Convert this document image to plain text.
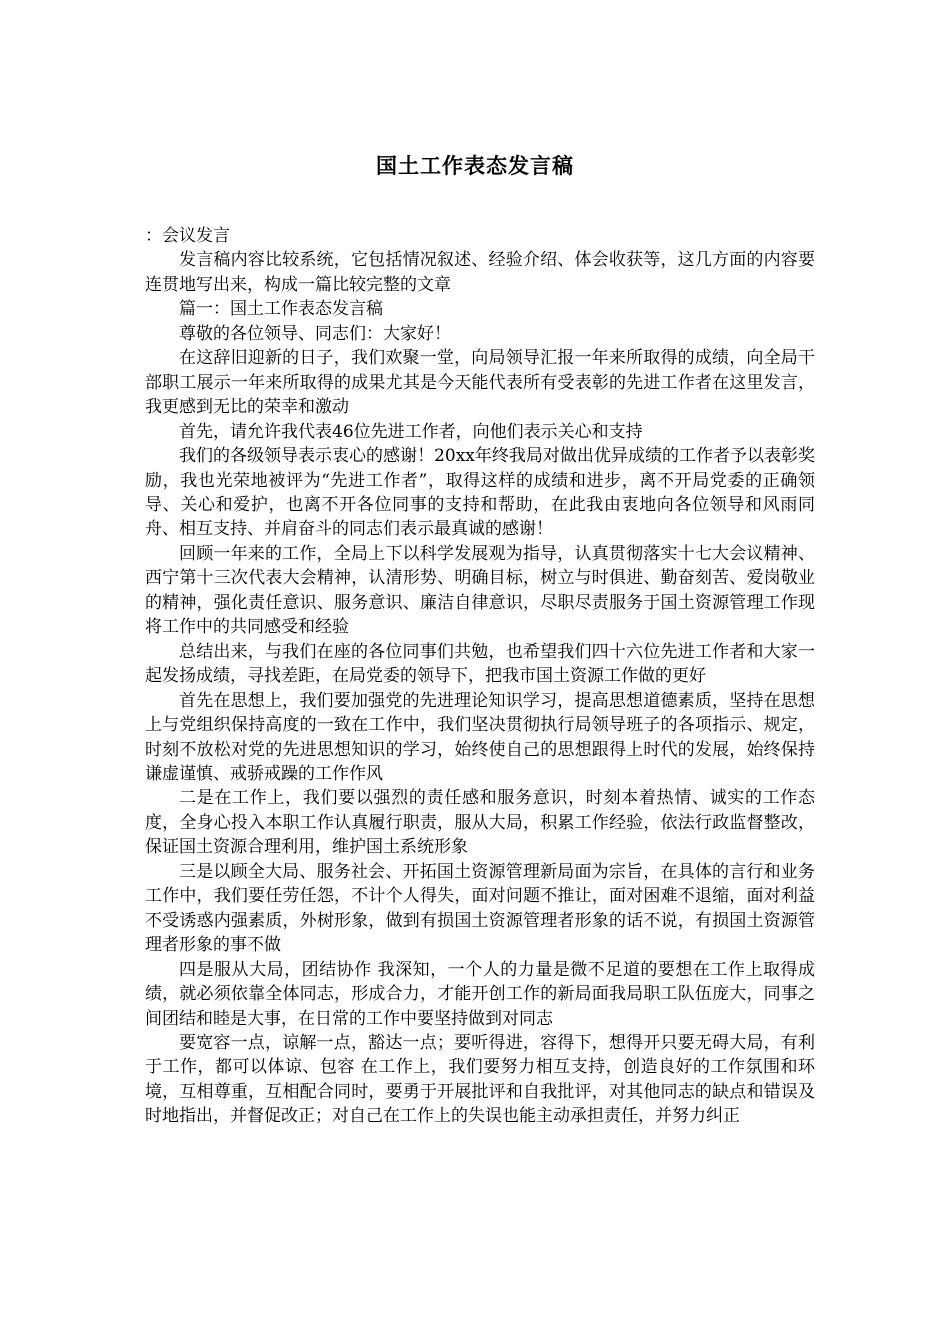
国土工作表态发言稿

：会议发言

发言稿内容比较系统，它包括情况叙述、经验介绍、体会收获等，这几方面的内容要连贯地写出来，构成一篇比较完整的文章

篇一：国土工作表态发言稿

尊敬的各位领导、同志们：大家好！

在这辞旧迎新的日子，我们欢聚一堂，向局领导汇报一年来所取得的成绩，向全局干部职工展示一年来所取得的成果尤其是今天能代表所有受表彰的先进工作者在这里发言，我更感到无比的荣幸和激动

首先，请允许我代表46位先进工作者，向他们表示关心和支持

我们的各级领导表示衷心的感谢！20xx年终我局对做出优异成绩的工作者予以表彰奖励，我也光荣地被评为“先进工作者”，取得这样的成绩和进步，离不开局党委的正确领导、关心和爱护，也离不开各位同事的支持和帮助，在此我由衷地向各位领导和风雨同舟、相互支持、并肩奋斗的同志们表示最真诚的感谢！

回顾一年来的工作，全局上下以科学发展观为指导，认真贯彻落实十七大会议精神、西宁第十三次代表大会精神，认清形势、明确目标，树立与时俱进、勤奋刻苦、爱岗敬业的精神，强化责任意识、服务意识、廉洁自律意识，尽职尽责服务于国土资源管理工作现将工作中的共同感受和经验

总结出来，与我们在座的各位同事们共勉，也希望我们四十六位先进工作者和大家一起发扬成绩，寻找差距，在局党委的领导下，把我市国土资源工作做的更好

首先在思想上，我们要加强党的先进理论知识学习，提高思想道德素质，坚持在思想上与党组织保持高度的一致在工作中，我们坚决贯彻执行局领导班子的各项指示、规定，时刻不放松对党的先进思想知识的学习，始终使自己的思想跟得上时代的发展，始终保持谦虚谨慎、戒骄戒躁的工作作风

二是在工作上，我们要以强烈的责任感和服务意识，时刻本着热情、诚实的工作态度，全身心投入本职工作认真履行职责，服从大局，积累工作经验，依法行政监督整改，保证国土资源合理利用，维护国土系统形象

三是以顾全大局、服务社会、开拓国土资源管理新局面为宗旨，在具体的言行和业务工作中，我们要任劳任怨，不计个人得失，面对问题不推让，面对困难不退缩，面对利益不受诱惑内强素质，外树形象，做到有损国土资源管理者形象的话不说，有损国土资源管理者形象的事不做

四是服从大局，团结协作 我深知，一个人的力量是微不足道的要想在工作上取得成绩，就必须依靠全体同志，形成合力，才能开创工作的新局面我局职工队伍庞大，同事之间团结和睦是大事，在日常的工作中要坚持做到对同志

要宽容一点，谅解一点，豁达一点；要听得进，容得下，想得开只要无碍大局，有利于工作，都可以体谅、包容 在工作上，我们要努力相互支持，创造良好的工作氛围和环境，互相尊重，互相配合同时，要勇于开展批评和自我批评，对其他同志的缺点和错误及时地指出，并督促改正；对自己在工作上的失误也能主动承担责任，并努力纠正
